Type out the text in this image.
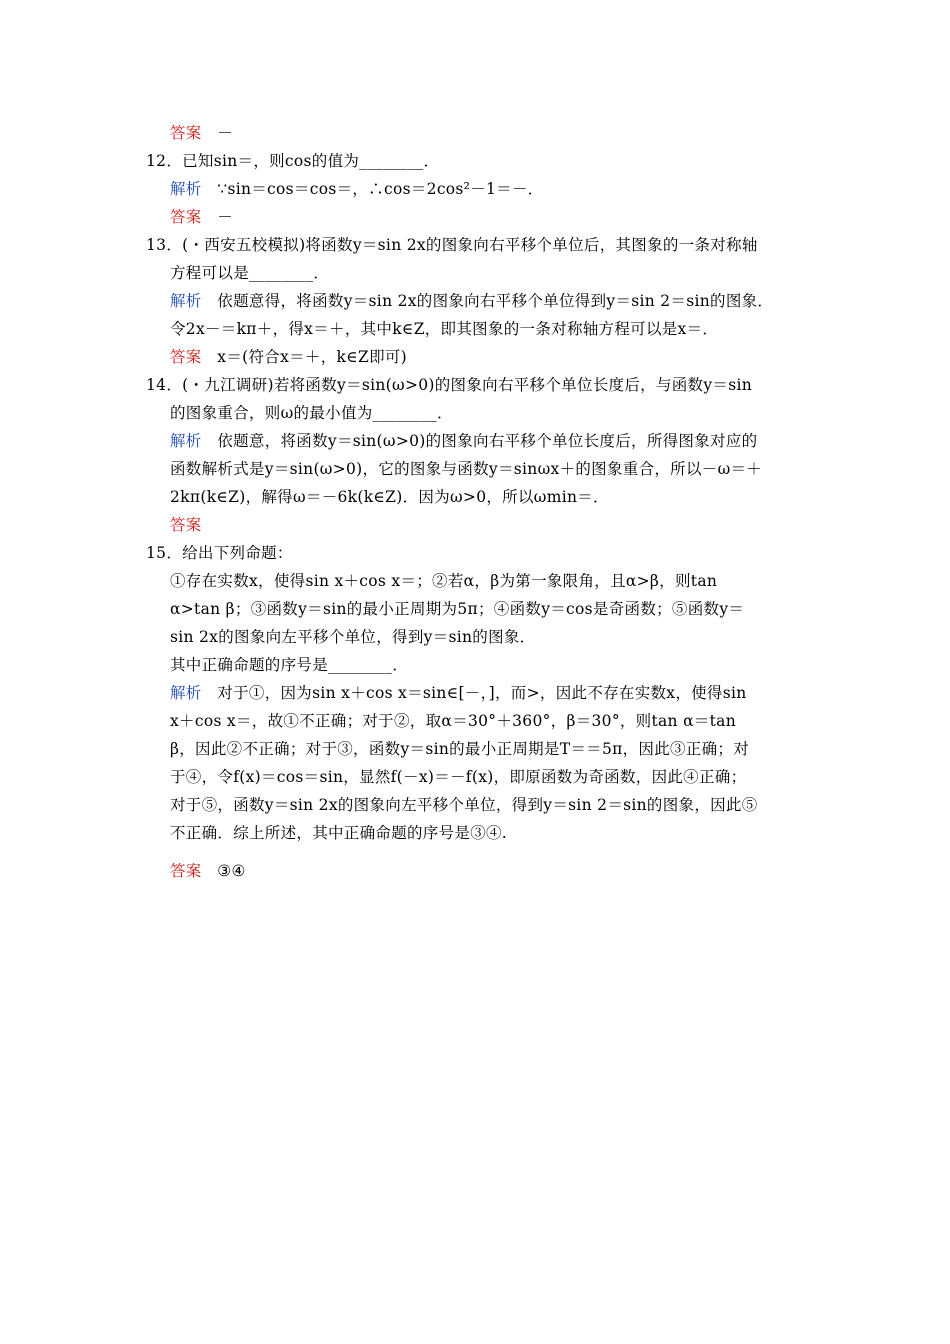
答案 －
12．已知sin＝，则cos的值为________．
解析 ∵sin＝cos＝cos＝，∴cos＝2cos²－1＝－．
答案 －
13．(・西安五校模拟)将函数y＝sin 2x的图象向右平移个单位后，其图象的一条对称轴
方程可以是________．
解析 依题意得，将函数y＝sin 2x的图象向右平移个单位得到y＝sin 2＝sin的图象．
令2x－＝kπ＋，得x＝＋，其中k∈Z，即其图象的一条对称轴方程可以是x＝．
答案 x＝(符合x＝＋，k∈Z即可)
14．(・九江调研)若将函数y＝sin(ω>0)的图象向右平移个单位长度后，与函数y＝sin
的图象重合，则ω的最小值为________．
解析 依题意，将函数y＝sin(ω>0)的图象向右平移个单位长度后，所得图象对应的
函数解析式是y＝sin(ω>0)，它的图象与函数y＝sinωx＋的图象重合，所以－ω＝＋
2kπ(k∈Z)，解得ω＝－6k(k∈Z)．因为ω>0，所以ωmin＝．
答案
15．给出下列命题：
①存在实数x，使得sin x＋cos x＝；②若α，β为第一象限角，且α>β，则tan
α>tan β；③函数y＝sin的最小正周期为5π；④函数y＝cos是奇函数；⑤函数y＝
sin 2x的图象向左平移个单位，得到y＝sin的图象．
其中正确命题的序号是________．
解析 对于①，因为sin x＋cos x＝sin∈[－，]，而>，因此不存在实数x，使得sin
x＋cos x＝，故①不正确；对于②，取α＝30°＋360°，β＝30°，则tan α＝tan
β，因此②不正确；对于③，函数y＝sin的最小正周期是T＝＝5π，因此③正确；对
于④，令f(x)＝cos＝sin，显然f(－x)＝－f(x)，即原函数为奇函数，因此④正确；
对于⑤，函数y＝sin 2x的图象向左平移个单位，得到y＝sin 2＝sin的图象，因此⑤
不正确．综上所述，其中正确命题的序号是③④.
答案 ③④
